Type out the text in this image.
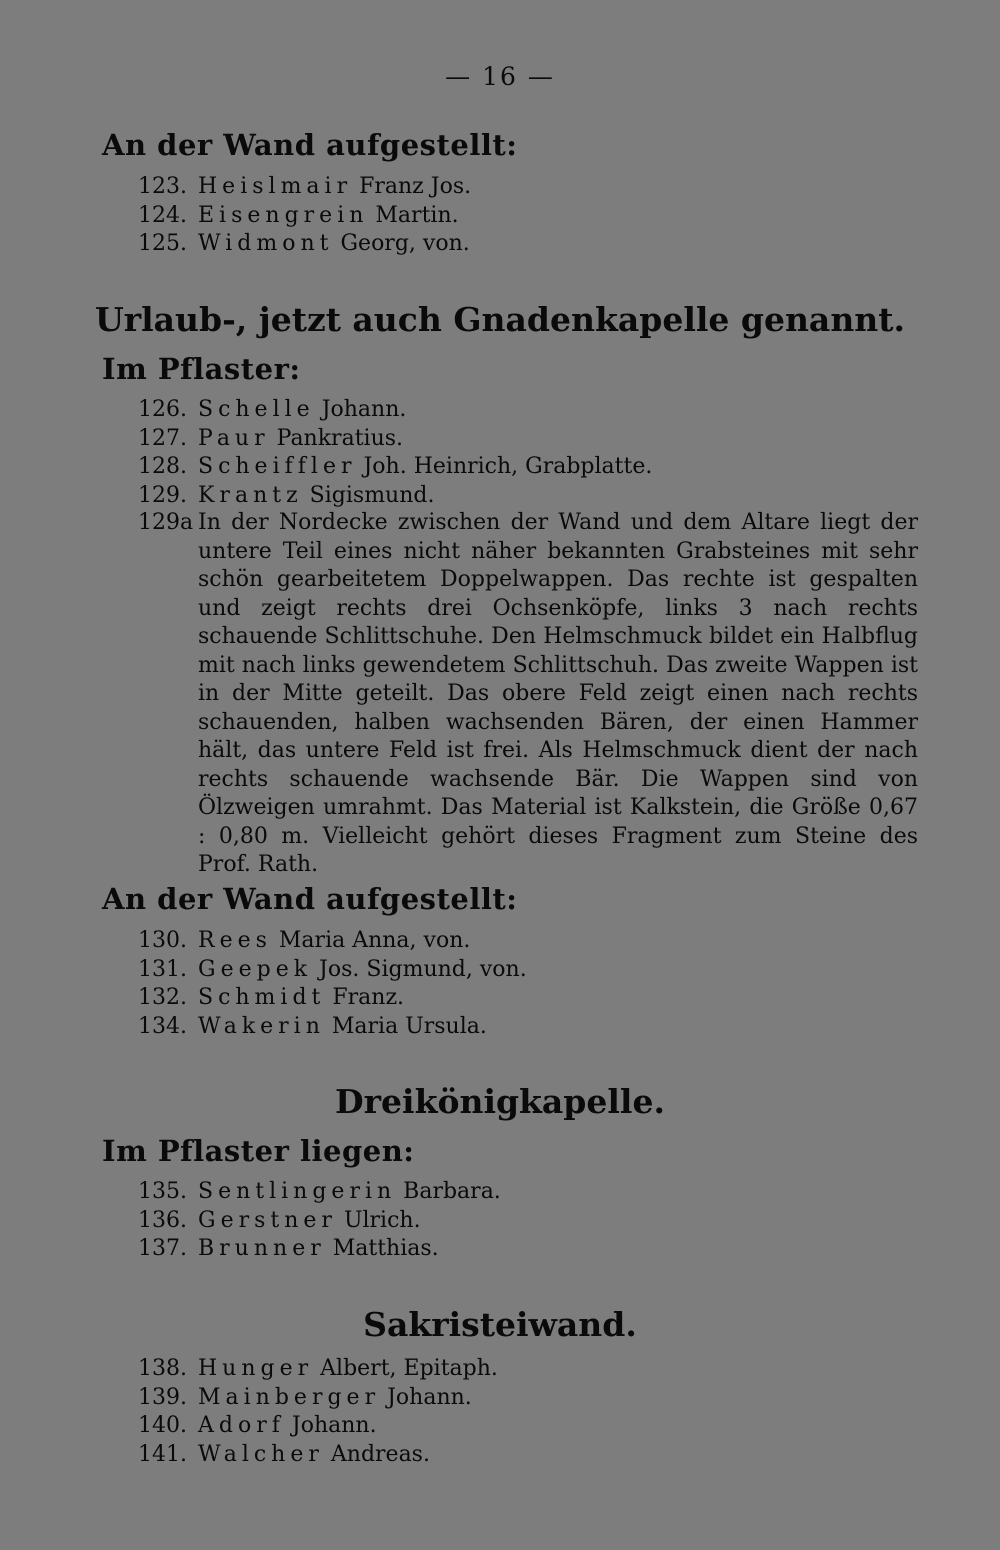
— 16 —
An der Wand aufgestellt:
123. Heislmair Franz Jos.
124. Eisengrein Martin.
125. Widmont Georg, von.
Urlaub-, jetzt auch Gnadenkapelle genannt.
Im Pflaster:
126. Schelle Johann.
127. Paur Pankratius.
128. Scheiffler Joh. Heinrich, Grabplatte.
129. Krantz Sigismund.
129a In der Nordecke zwischen der Wand und dem Altare liegt der untere Teil eines nicht näher bekannten Grabsteines mit sehr schön gearbeitetem Doppelwappen. Das rechte ist gespalten und zeigt rechts drei Ochsenköpfe, links 3 nach rechts schauende Schlittschuhe. Den Helmschmuck bildet ein Halbflug mit nach links gewendetem Schlittschuh. Das zweite Wappen ist in der Mitte geteilt. Das obere Feld zeigt einen nach rechts schauenden, halben wachsenden Bären, der einen Hammer hält, das untere Feld ist frei. Als Helmschmuck dient der nach rechts schauende wachsende Bär. Die Wappen sind von Ölzweigen umrahmt. Das Material ist Kalkstein, die Größe 0,67 : 0,80 m. Vielleicht gehört dieses Fragment zum Steine des Prof. Rath.
An der Wand aufgestellt:
130. Rees Maria Anna, von.
131. Geepek Jos. Sigmund, von.
132. Schmidt Franz.
134. Wakerin Maria Ursula.
Dreikönigkapelle.
Im Pflaster liegen:
135. Sentlingerin Barbara.
136. Gerstner Ulrich.
137. Brunner Matthias.
Sakristeiwand.
138. Hunger Albert, Epitaph.
139. Mainberger Johann.
140. Adorf Johann.
141. Walcher Andreas.
